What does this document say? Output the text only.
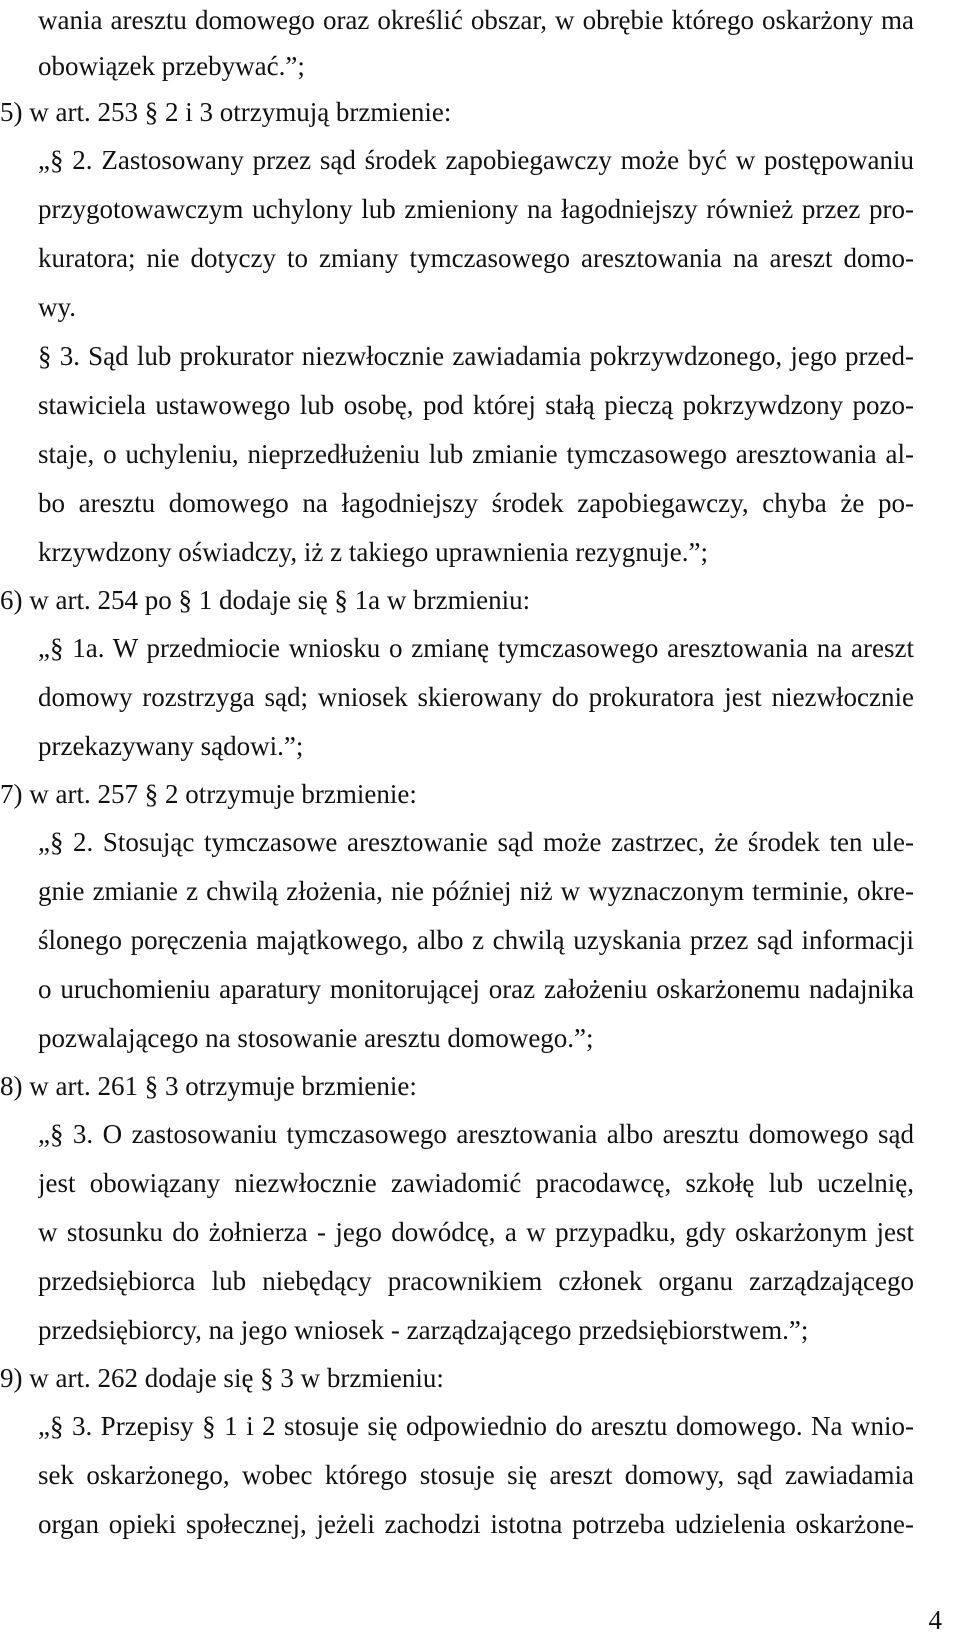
wania aresztu domowego oraz określić obszar, w obrębie którego oskarżony ma
obowiązek przebywać.”;
5) w art. 253 § 2 i 3 otrzymują brzmienie:
„§ 2. Zastosowany przez sąd środek zapobiegawczy może być w postępowaniu
przygotowawczym uchylony lub zmieniony na łagodniejszy również przez pro-
kuratora; nie dotyczy to zmiany tymczasowego aresztowania na areszt domo-
wy.
§ 3. Sąd lub prokurator niezwłocznie zawiadamia pokrzywdzonego, jego przed-
stawiciela ustawowego lub osobę, pod której stałą pieczą pokrzywdzony pozo-
staje, o uchyleniu, nieprzedłużeniu lub zmianie tymczasowego aresztowania al-
bo aresztu domowego na łagodniejszy środek zapobiegawczy, chyba że po-
krzywdzony oświadczy, iż z takiego uprawnienia rezygnuje.”;
6) w art. 254 po § 1 dodaje się § 1a w brzmieniu:
„§ 1a. W przedmiocie wniosku o zmianę tymczasowego aresztowania na areszt
domowy rozstrzyga sąd; wniosek skierowany do prokuratora jest niezwłocznie
przekazywany sądowi.”;
7) w art. 257 § 2 otrzymuje brzmienie:
„§ 2. Stosując tymczasowe aresztowanie sąd może zastrzec, że środek ten ule-
gnie zmianie z chwilą złożenia, nie później niż w wyznaczonym terminie, okre-
ślonego poręczenia majątkowego, albo z chwilą uzyskania przez sąd informacji
o uruchomieniu aparatury monitorującej oraz założeniu oskarżonemu nadajnika
pozwalającego na stosowanie aresztu domowego.”;
8) w art. 261 § 3 otrzymuje brzmienie:
„§ 3. O zastosowaniu tymczasowego aresztowania albo aresztu domowego sąd
jest obowiązany niezwłocznie zawiadomić pracodawcę, szkołę lub uczelnię,
w stosunku do żołnierza - jego dowódcę, a w przypadku, gdy oskarżonym jest
przedsiębiorca lub niebędący pracownikiem członek organu zarządzającego
przedsiębiorcy, na jego wniosek - zarządzającego przedsiębiorstwem.”;
9) w art. 262 dodaje się § 3 w brzmieniu:
„§ 3. Przepisy § 1 i 2 stosuje się odpowiednio do aresztu domowego. Na wnio-
sek oskarżonego, wobec którego stosuje się areszt domowy, sąd zawiadamia
organ opieki społecznej, jeżeli zachodzi istotna potrzeba udzielenia oskarżone-
4
